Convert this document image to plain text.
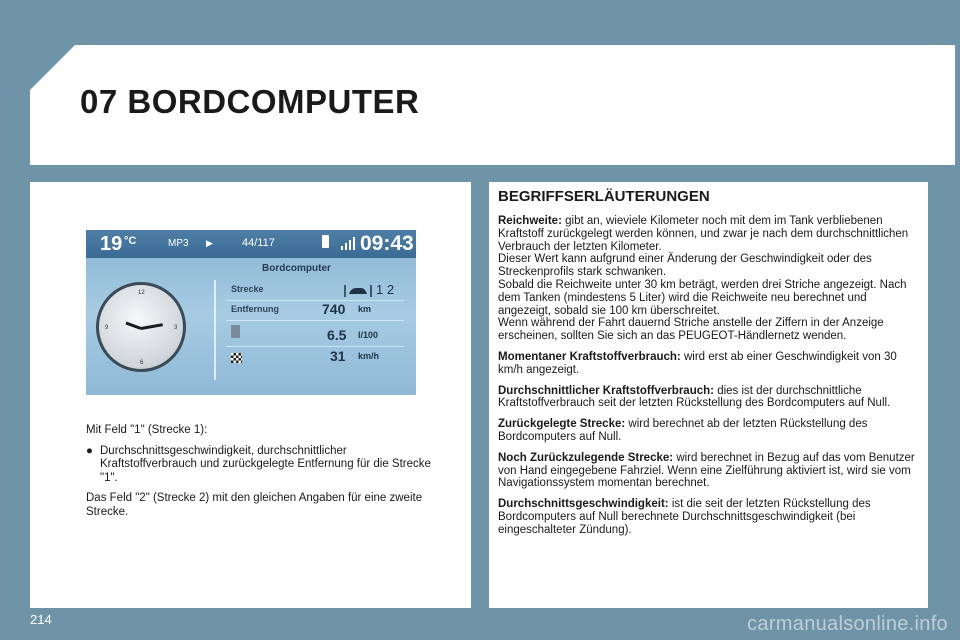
07 BORDCOMPUTER
19 °C	MP3 ▶	44/117	09:43
Bordcomputer
12
3
6
9
Strecke	1 2
Entfernung	740 km
6.5 l/100
31 km/h

Mit Feld "1" (Strecke 1):

● Durchschnittsgeschwindigkeit, durchschnittlicher Kraftstoffverbrauch und zurückgelegte Entfernung für die Strecke "1".

Das Feld "2" (Strecke 2) mit den gleichen Angaben für eine zweite Strecke.

BEGRIFFSERLÄUTERUNGEN
Reichweite: gibt an, wieviele Kilometer noch mit dem im Tank verbliebenen Kraftstoff zurückgelegt werden können, und zwar je nach dem durchschnittlichen Verbrauch der letzten Kilometer.
Dieser Wert kann aufgrund einer Änderung der Geschwindigkeit oder des Streckenprofils stark schwanken.
Sobald die Reichweite unter 30 km beträgt, werden drei Striche angezeigt. Nach dem Tanken (mindestens 5 Liter) wird die Reichweite neu berechnet und angezeigt, sobald sie 100 km überschreitet.
Wenn während der Fahrt dauernd Striche anstelle der Ziffern in der Anzeige erscheinen, sollten Sie sich an das PEUGEOT-Händlernetz wenden.
Momentaner Kraftstoffverbrauch: wird erst ab einer Geschwindigkeit von 30 km/h angezeigt.
Durchschnittlicher Kraftstoffverbrauch: dies ist der durchschnittliche Kraftstoffverbrauch seit der letzten Rückstellung des Bordcomputers auf Null.
Zurückgelegte Strecke: wird berechnet ab der letzten Rückstellung des Bordcomputers auf Null.
Noch Zurückzulegende Strecke: wird berechnet in Bezug auf das vom Benutzer von Hand eingegebene Fahrziel. Wenn eine Zielführung aktiviert ist, wird sie vom Navigationssystem momentan berechnet.
Durchschnittsgeschwindigkeit: ist die seit der letzten Rückstellung des Bordcomputers auf Null berechnete Durchschnittsgeschwindigkeit (bei eingeschalteter Zündung).
214	carmanualsonline.info
